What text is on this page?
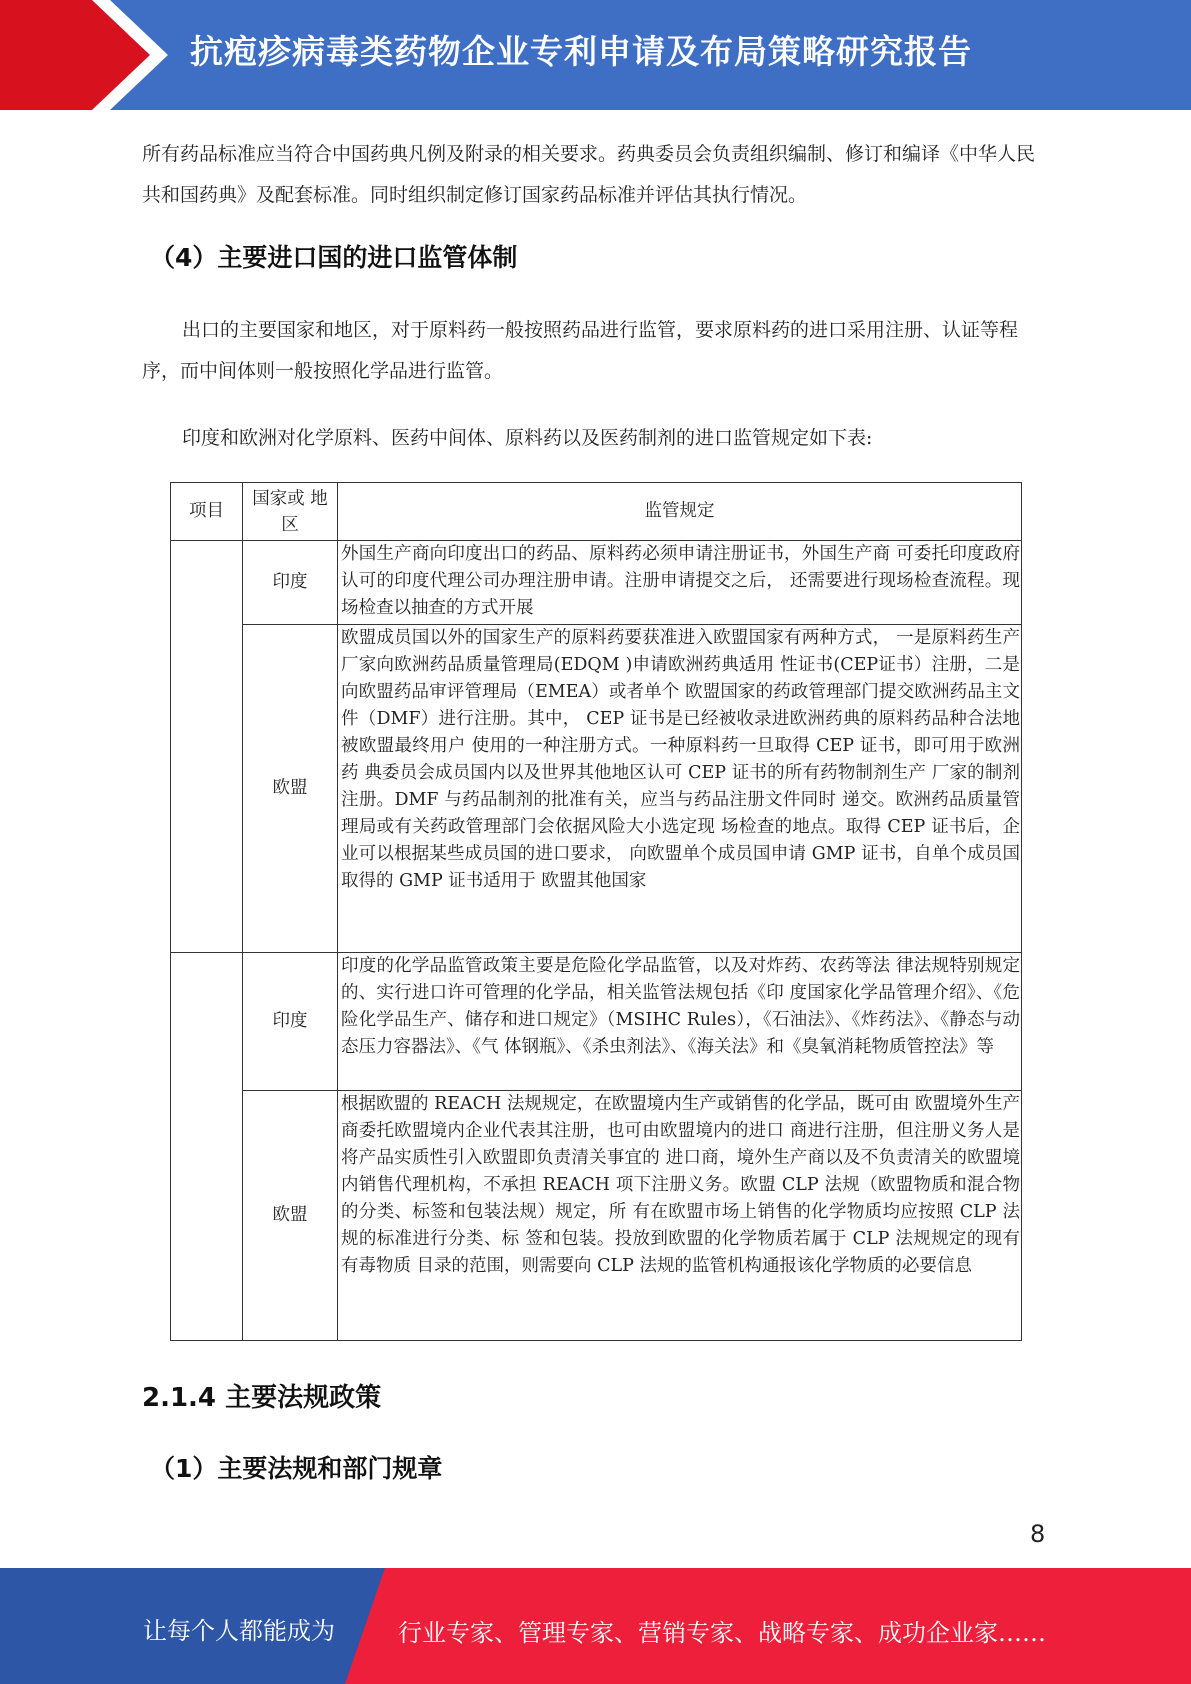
抗疱疹病毒类药物企业专利申请及布局策略研究报告
所有药品标准应当符合中国药典凡例及附录的相关要求。药典委员会负责组织编制、修订和编译《中华人民共和国药典》及配套标准。同时组织制定修订国家药品标准并评估其执行情况。
（4）主要进口国的进口监管体制
出口的主要国家和地区，对于原料药一般按照药品进行监管，要求原料药的进口采用注册、认证等程序，而中间体则一般按照化学品进行监管。
印度和欧洲对化学原料、医药中间体、原料药以及医药制剂的进口监管规定如下表:
项目	国家或 地区	监管规定
	印度	外国生产商向印度出口的药品、原料药必须申请注册证书，外国生产商 可委托印度政府认可的印度代理公司办理注册申请。注册申请提交之后， 还需要进行现场检查流程。现场检查以抽查的方式开展
	欧盟	欧盟成员国以外的国家生产的原料药要获准进入欧盟国家有两种方式， 一是原料药生产厂家向欧洲药品质量管理局(EDQM )申请欧洲药典适用 性证书(CEP证书）注册，二是向欧盟药品审评管理局（EMEA）或者单个 欧盟国家的药政管理部门提交欧洲药品主文件（DMF）进行注册。其中， CEP 证书是已经被收录进欧洲药典的原料药品种合法地被欧盟最终用户 使用的一种注册方式。一种原料药一旦取得 CEP 证书，即可用于欧洲药 典委员会成员国内以及世界其他地区认可 CEP 证书的所有药物制剂生产 厂家的制剂注册。DMF 与药品制剂的批准有关，应当与药品注册文件同时 递交。欧洲药品质量管理局或有关药政管理部门会依据风险大小选定现 场检查的地点。取得 CEP 证书后，企业可以根据某些成员国的进口要求， 向欧盟单个成员国申请 GMP 证书，自单个成员国取得的 GMP 证书适用于 欧盟其他国家
	印度	印度的化学品监管政策主要是危险化学品监管，以及对炸药、农药等法 律法规特别规定的、实行进口许可管理的化学品，相关监管法规包括《印 度国家化学品管理介绍》、《危险化学品生产、储存和进口规定》（MSIHC Rules），《石油法》、《炸药法》、《静态与动态压力容器法》、《气 体钢瓶》、《杀虫剂法》、《海关法》和《臭氧消耗物质管控法》等
	欧盟	根据欧盟的 REACH 法规规定，在欧盟境内生产或销售的化学品，既可由 欧盟境外生产商委托欧盟境内企业代表其注册，也可由欧盟境内的进口 商进行注册，但注册义务人是将产品实质性引入欧盟即负责清关事宜的 进口商，境外生产商以及不负责清关的欧盟境内销售代理机构，不承担 REACH 项下注册义务。欧盟 CLP 法规（欧盟物质和混合物的分类、标签和包装法规）规定，所 有在欧盟市场上销售的化学物质均应按照 CLP 法规的标准进行分类、标 签和包装。投放到欧盟的化学物质若属于 CLP 法规规定的现有有毒物质 目录的范围，则需要向 CLP 法规的监管机构通报该化学物质的必要信息
2.1.4 主要法规政策
（1）主要法规和部门规章
8
让每个人都能成为	行业专家、管理专家、营销专家、战略专家、成功企业家……
